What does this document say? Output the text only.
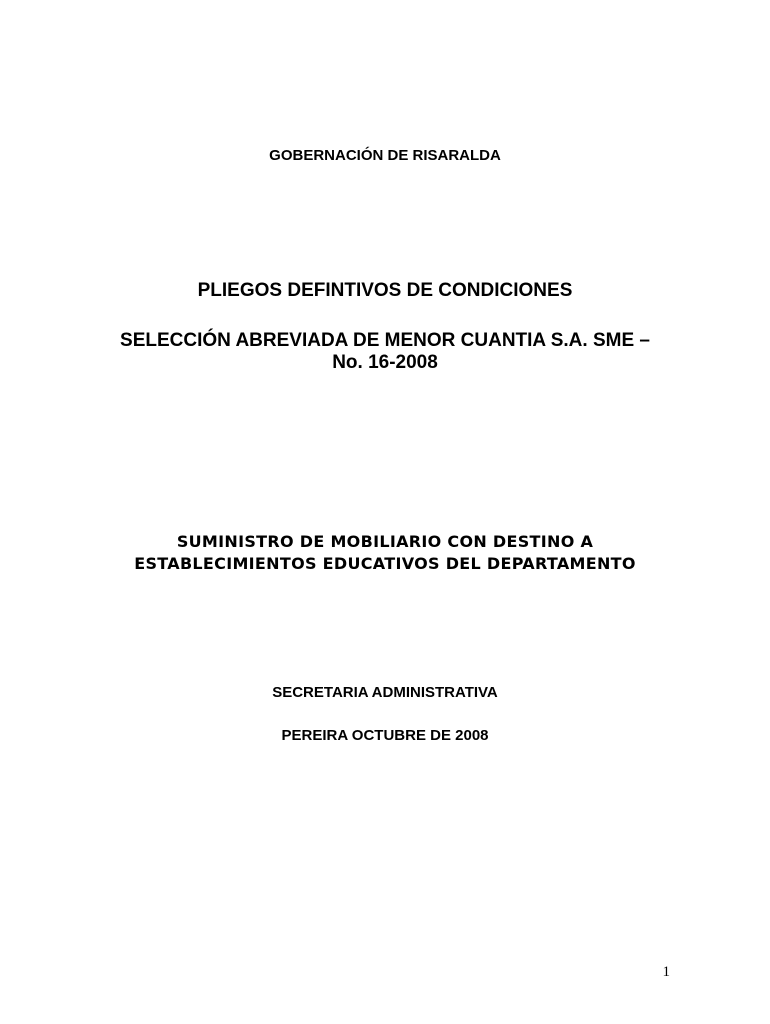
GOBERNACIÓN DE RISARALDA
PLIEGOS DEFINTIVOS DE CONDICIONES
SELECCIÓN ABREVIADA DE MENOR CUANTIA S.A. SME –
No. 16-2008
SUMINISTRO DE MOBILIARIO CON DESTINO A
ESTABLECIMIENTOS EDUCATIVOS DEL DEPARTAMENTO
SECRETARIA ADMINISTRATIVA
PEREIRA OCTUBRE DE 2008
1
